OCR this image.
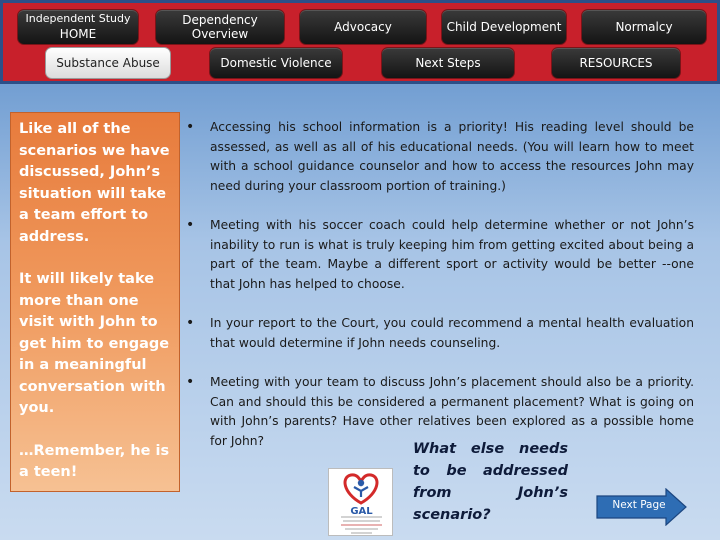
Independent Study
HOME
Dependency Overview
Advocacy	Child Development	Normalcy
Substance Abuse	Domestic Violence	Next Steps	RESOURCES

Like all of the scenarios we have discussed, John’s situation will take a team effort to address.

It will likely take more than one visit with John to get him to engage in a meaningful conversation with you.

…Remember, he is a teen!

• Accessing his school information is a priority! His reading level should be assessed, as well as all of his educational needs. (You will learn how to meet with a school guidance counselor and how to access the resources John may need during your classroom portion of training.)
• Meeting with his soccer coach could help determine whether or not John’s inability to run is what is truly keeping him from getting excited about being a part of the team. Maybe a different sport or activity would be better --one that John has helped to choose.
• In your report to the Court, you could recommend a mental health evaluation that would determine if John needs counseling.
• Meeting with your team to discuss John’s placement should also be a priority. Can and should this be considered a permanent placement? What is going on with John’s parents? Have other relatives been explored as a possible home for John?
What else needs to be addressed from John’s scenario?
GAL
Next Page
